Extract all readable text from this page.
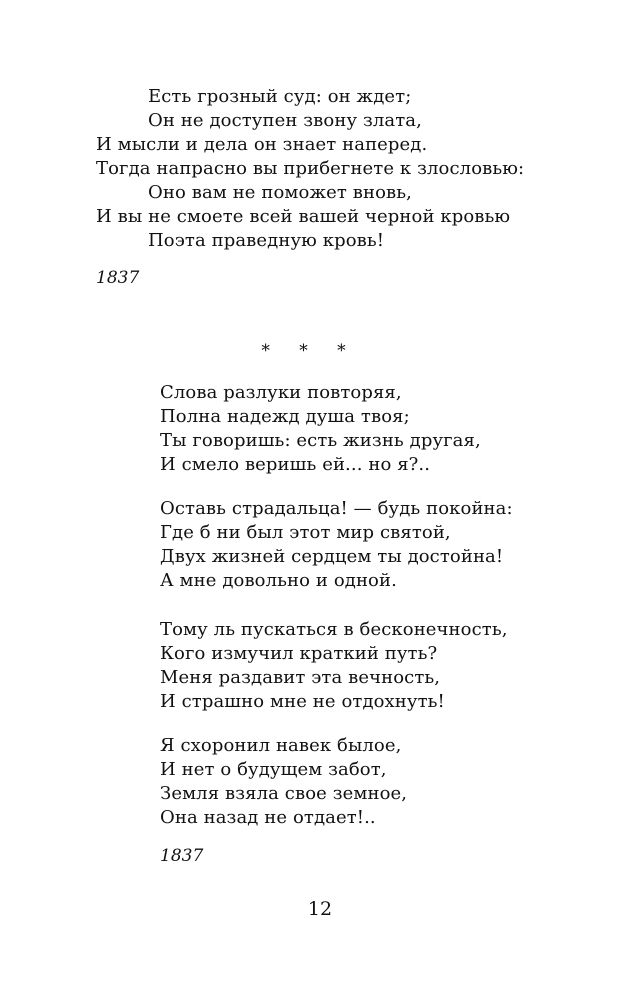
Есть грозный суд: он ждет;
Он не доступен звону злата,
И мысли и дела он знает наперед.
Тогда напрасно вы прибегнете к злословью:
Оно вам не поможет вновь,
И вы не смоете всей вашей черной кровью
Поэта праведную кровь!
1837
* * *
Слова разлуки повторяя,
Полна надежд душа твоя;
Ты говоришь: есть жизнь другая,
И смело веришь ей... но я?..
Оставь страдальца! — будь покойна:
Где б ни был этот мир святой,
Двух жизней сердцем ты достойна!
А мне довольно и одной.
Тому ль пускаться в бесконечность,
Кого измучил краткий путь?
Меня раздавит эта вечность,
И страшно мне не отдохнуть!
Я схоронил навек былое,
И нет о будущем забот,
Земля взяла свое земное,
Она назад не отдает!..
1837
12
